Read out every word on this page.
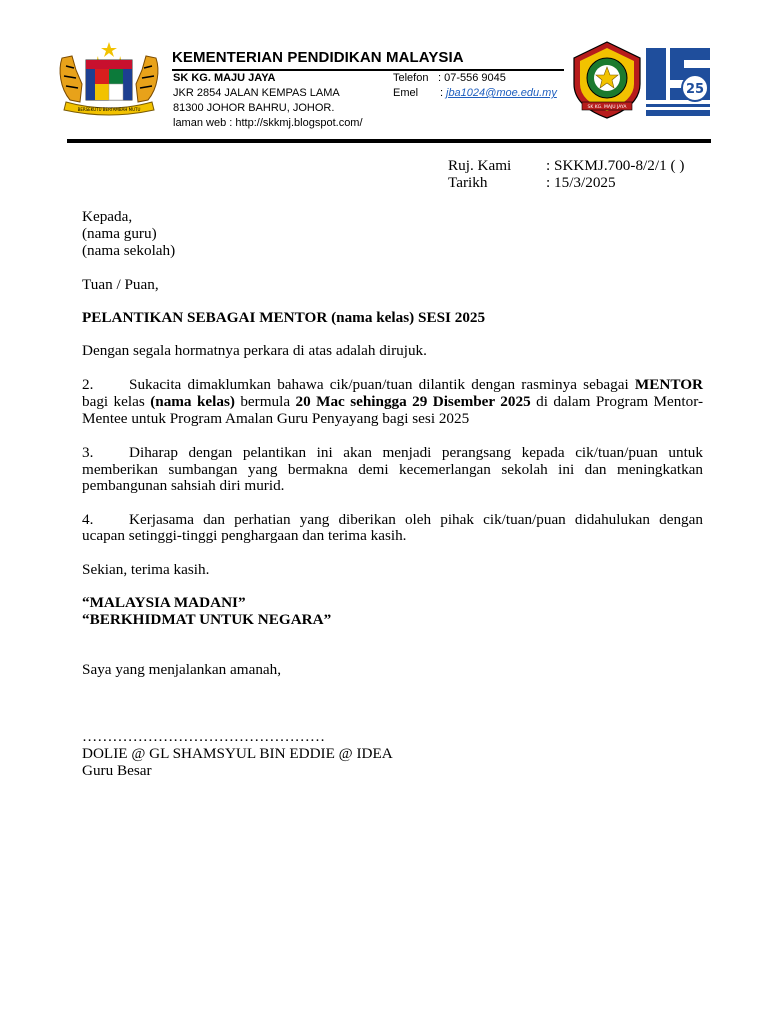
BERSEKUTU BERTAMBAH MUTU
KEMENTERIAN PENDIDIKAN MALAYSIA
SK KG. MAJU JAYA
JKR 2854 JALAN KEMPAS LAMA
81300 JOHOR BAHRU, JOHOR.
laman web : http://skkmj.blogspot.com/
Telefon : 07-556 9045
Emel : jba1024@moe.edu.my
SK KG. MAJU JAYA
25
Ruj. Kami : SKKMJ.700-8/2/1 ( )
Tarikh	: 15/3/2025
Kepada,
(nama guru)
(nama sekolah)
Tuan / Puan,
PELANTIKAN SEBAGAI MENTOR (nama kelas) SESI 2025
Dengan segala hormatnya perkara di atas adalah dirujuk.
2. Sukacita dimaklumkan bahawa cik/puan/tuan dilantik dengan rasminya sebagai MENTOR
bagi kelas (nama kelas) bermula 20 Mac sehingga 29 Disember 2025 di dalam Program Mentor-
Mentee untuk Program Amalan Guru Penyayang bagi sesi 2025
3. Diharap dengan pelantikan ini akan menjadi perangsang kepada cik/tuan/puan untuk
memberikan sumbangan yang bermakna demi kecemerlangan sekolah ini dan meningkatkan
pembangunan sahsiah diri murid.
4. Kerjasama dan perhatian yang diberikan oleh pihak cik/tuan/puan didahulukan dengan
ucapan setinggi-tinggi penghargaan dan terima kasih.
Sekian, terima kasih.
“MALAYSIA MADANI”
“BERKHIDMAT UNTUK NEGARA”
Saya yang menjalankan amanah,
…………………………………………
DOLIE @ GL SHAMSYUL BIN EDDIE @ IDEA
Guru Besar
